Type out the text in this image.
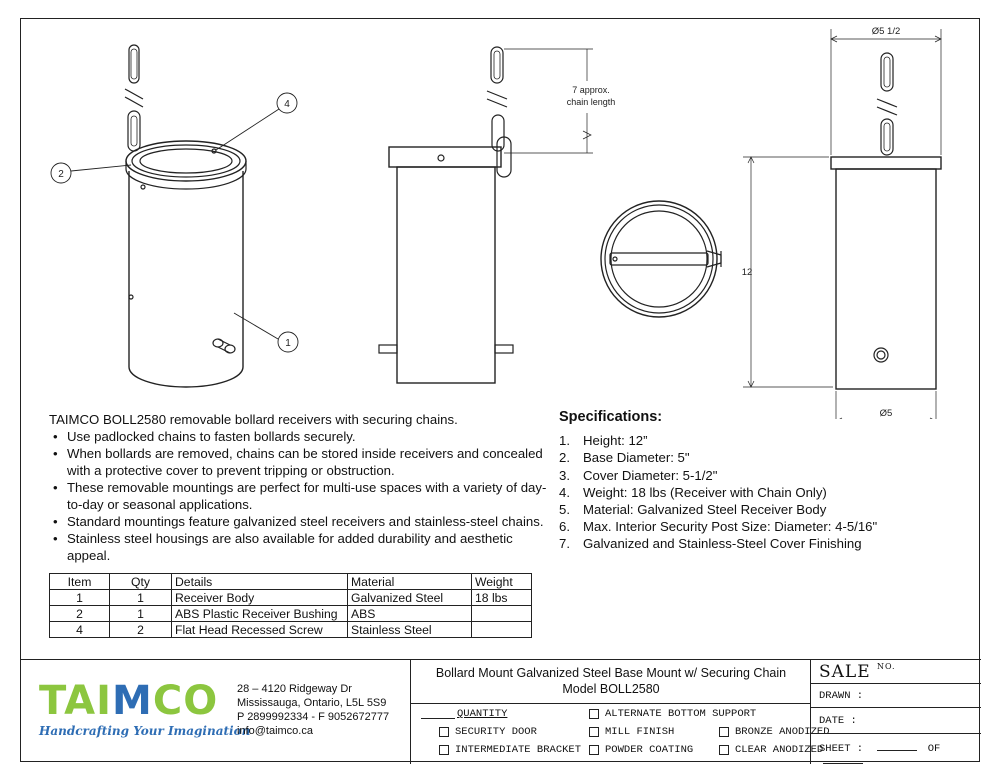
4
2
1
7 approx.
chain length
Ø5 1/2
Ø5
12
TAIMCO BOLL2580 removable bollard receivers with securing chains.
• Use padlocked chains to fasten bollards securely.
• When bollards are removed, chains can be stored inside receivers and concealed with a protective cover to prevent tripping or obstruction.
• These removable mountings are perfect for multi-use spaces with a variety of day-to-day or seasonal applications.
• Standard mountings feature galvanized steel receivers and stainless-steel chains.
• Stainless steel housings are also available for added durability and aesthetic appeal.
Specifications:
1. Height: 12”
2. Base Diameter: 5"
3. Cover Diameter: 5-1/2"
4. Weight: 18 lbs (Receiver with Chain Only)
5. Material: Galvanized Steel Receiver Body
6. Max. Interior Security Post Size: Diameter: 4-5/16"
7. Galvanized and Stainless-Steel Cover Finishing
Item	Qty	Details	Material	Weight
1	1	Receiver Body	Galvanized Steel	18 lbs
2	1	ABS Plastic Receiver Bushing	ABS	
4	2	Flat Head Recessed Screw	Stainless Steel	
TAIMCO
Handcrafting Your Imagination
28 – 4120 Ridgeway Dr
Mississauga, Ontario, L5L 5S9
P 2899992334 - F 9052672777
info@taimco.ca
Bollard Mount Galvanized Steel Base Mount w/ Securing Chain
Model BOLL2580
QUANTITY	ALTERNATE BOTTOM SUPPORT
SECURITY DOOR	MILL FINISH	BRONZE ANODIZED
INTERMEDIATE BRACKET POWDER COATING	CLEAR ANODIZED
SALE $^{NO.}$
DRAWN :
DATE :
SHEET :	OF
